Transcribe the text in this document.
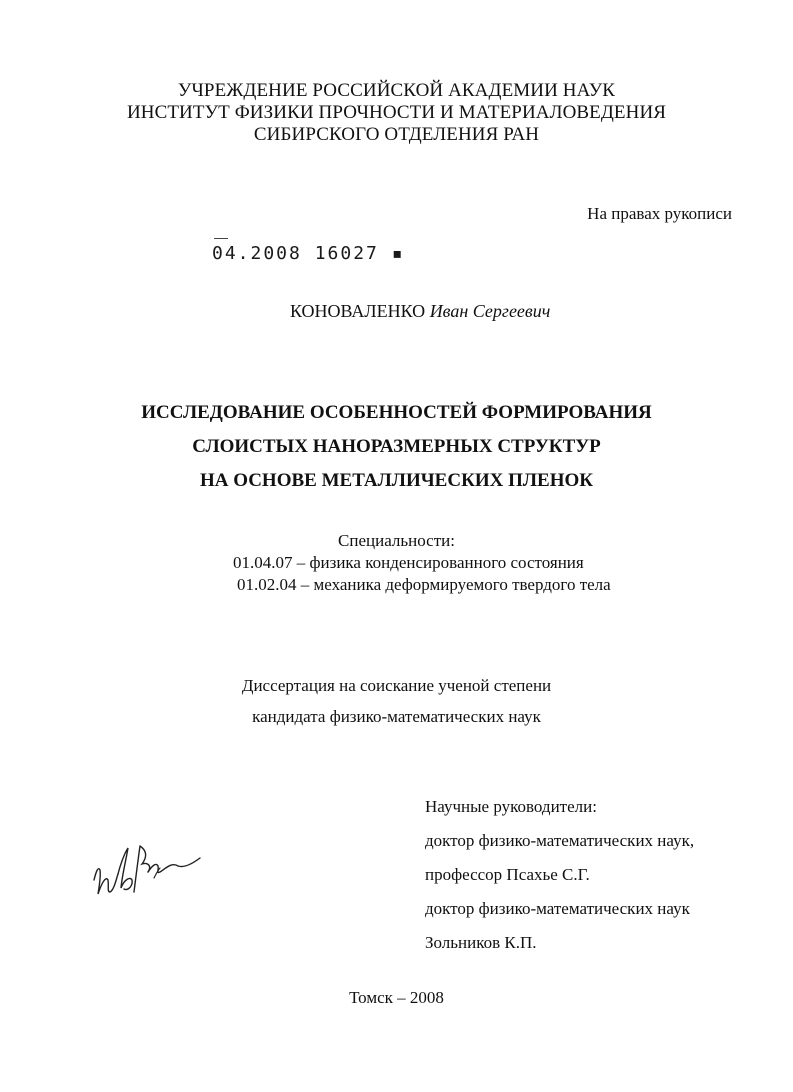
УЧРЕЖДЕНИЕ РОССИЙСКОЙ АКАДЕМИИ НАУК
ИНСТИТУТ ФИЗИКИ ПРОЧНОСТИ И МАТЕРИАЛОВЕДЕНИЯ
СИБИРСКОГО ОТДЕЛЕНИЯ РАН
На правах рукописи
04.2008 16027 ▪
КОНОВАЛЕНКО Иван Сергеевич
ИССЛЕДОВАНИЕ ОСОБЕННОСТЕЙ ФОРМИРОВАНИЯ
СЛОИСТЫХ НАНОРАЗМЕРНЫХ СТРУКТУР
НА ОСНОВЕ МЕТАЛЛИЧЕСКИХ ПЛЕНОК
Специальности:
01.04.07 – физика конденсированного состояния
01.02.04 – механика деформируемого твердого тела
Диссертация на соискание ученой степени
кандидата физико-математических наук
Научные руководители:
доктор физико-математических наук,
профессор Псахье С.Г.
доктор физико-математических наук
Зольников К.П.
Томск – 2008
